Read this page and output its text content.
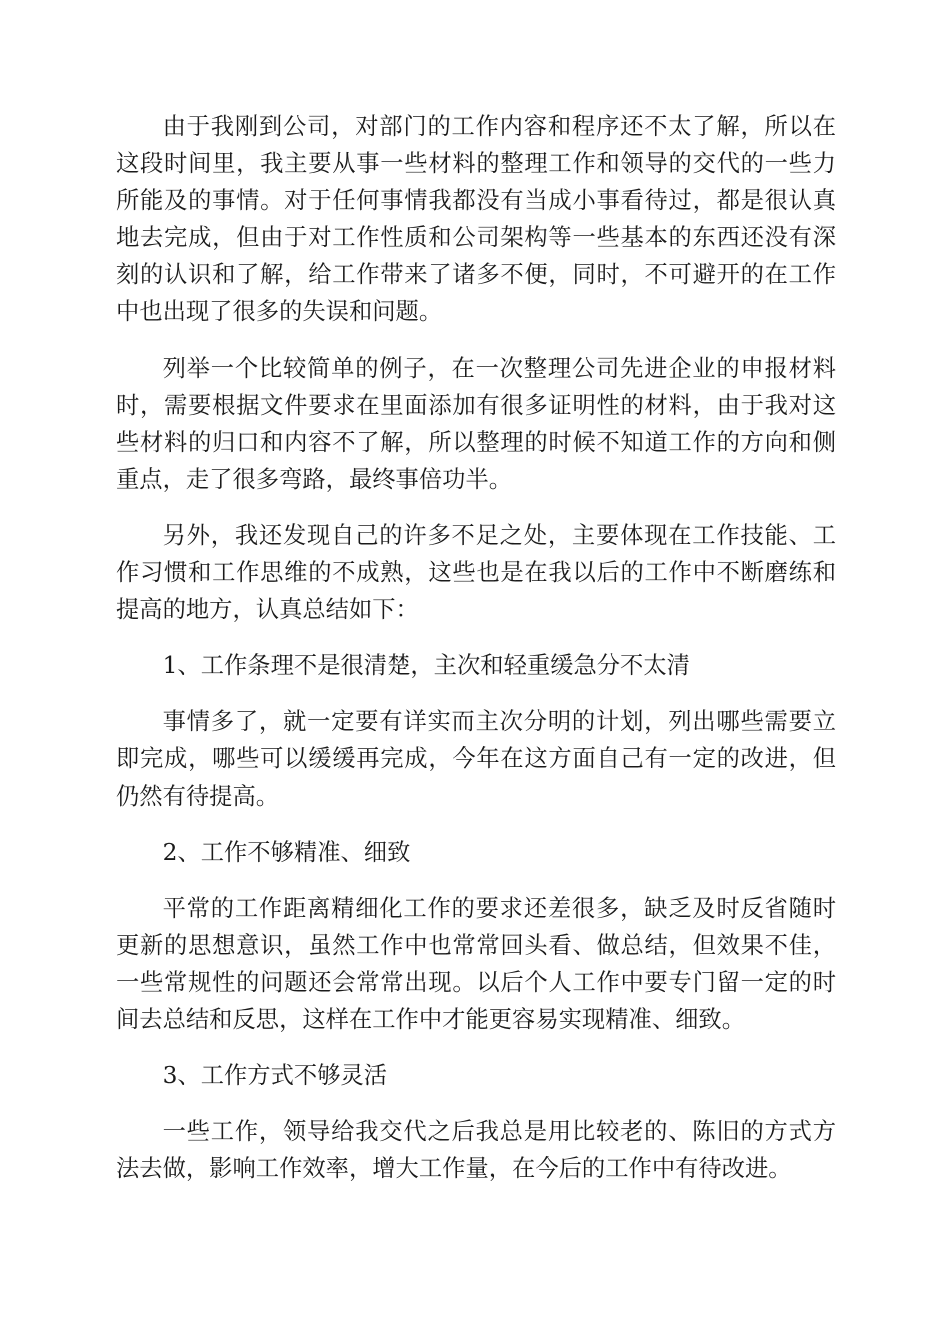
由于我刚到公司，对部门的工作内容和程序还不太了解，所以在这段时间里，我主要从事一些材料的整理工作和领导的交代的一些力所能及的事情。对于任何事情我都没有当成小事看待过，都是很认真地去完成，但由于对工作性质和公司架构等一些基本的东西还没有深刻的认识和了解，给工作带来了诸多不便，同时，不可避开的在工作中也出现了很多的失误和问题。

列举一个比较简单的例子，在一次整理公司先进企业的申报材料时，需要根据文件要求在里面添加有很多证明性的材料，由于我对这些材料的归口和内容不了解，所以整理的时候不知道工作的方向和侧重点，走了很多弯路，最终事倍功半。

另外，我还发现自己的许多不足之处，主要体现在工作技能、工作习惯和工作思维的不成熟，这些也是在我以后的工作中不断磨练和提高的地方，认真总结如下：

1、工作条理不是很清楚，主次和轻重缓急分不太清

事情多了，就一定要有详实而主次分明的计划，列出哪些需要立即完成，哪些可以缓缓再完成，今年在这方面自己有一定的改进，但仍然有待提高。

2、工作不够精准、细致

平常的工作距离精细化工作的要求还差很多，缺乏及时反省随时更新的思想意识，虽然工作中也常常回头看、做总结，但效果不佳，一些常规性的问题还会常常出现。以后个人工作中要专门留一定的时间去总结和反思，这样在工作中才能更容易实现精准、细致。

3、工作方式不够灵活

一些工作，领导给我交代之后我总是用比较老的、陈旧的方式方法去做，影响工作效率，增大工作量，在今后的工作中有待改进。
